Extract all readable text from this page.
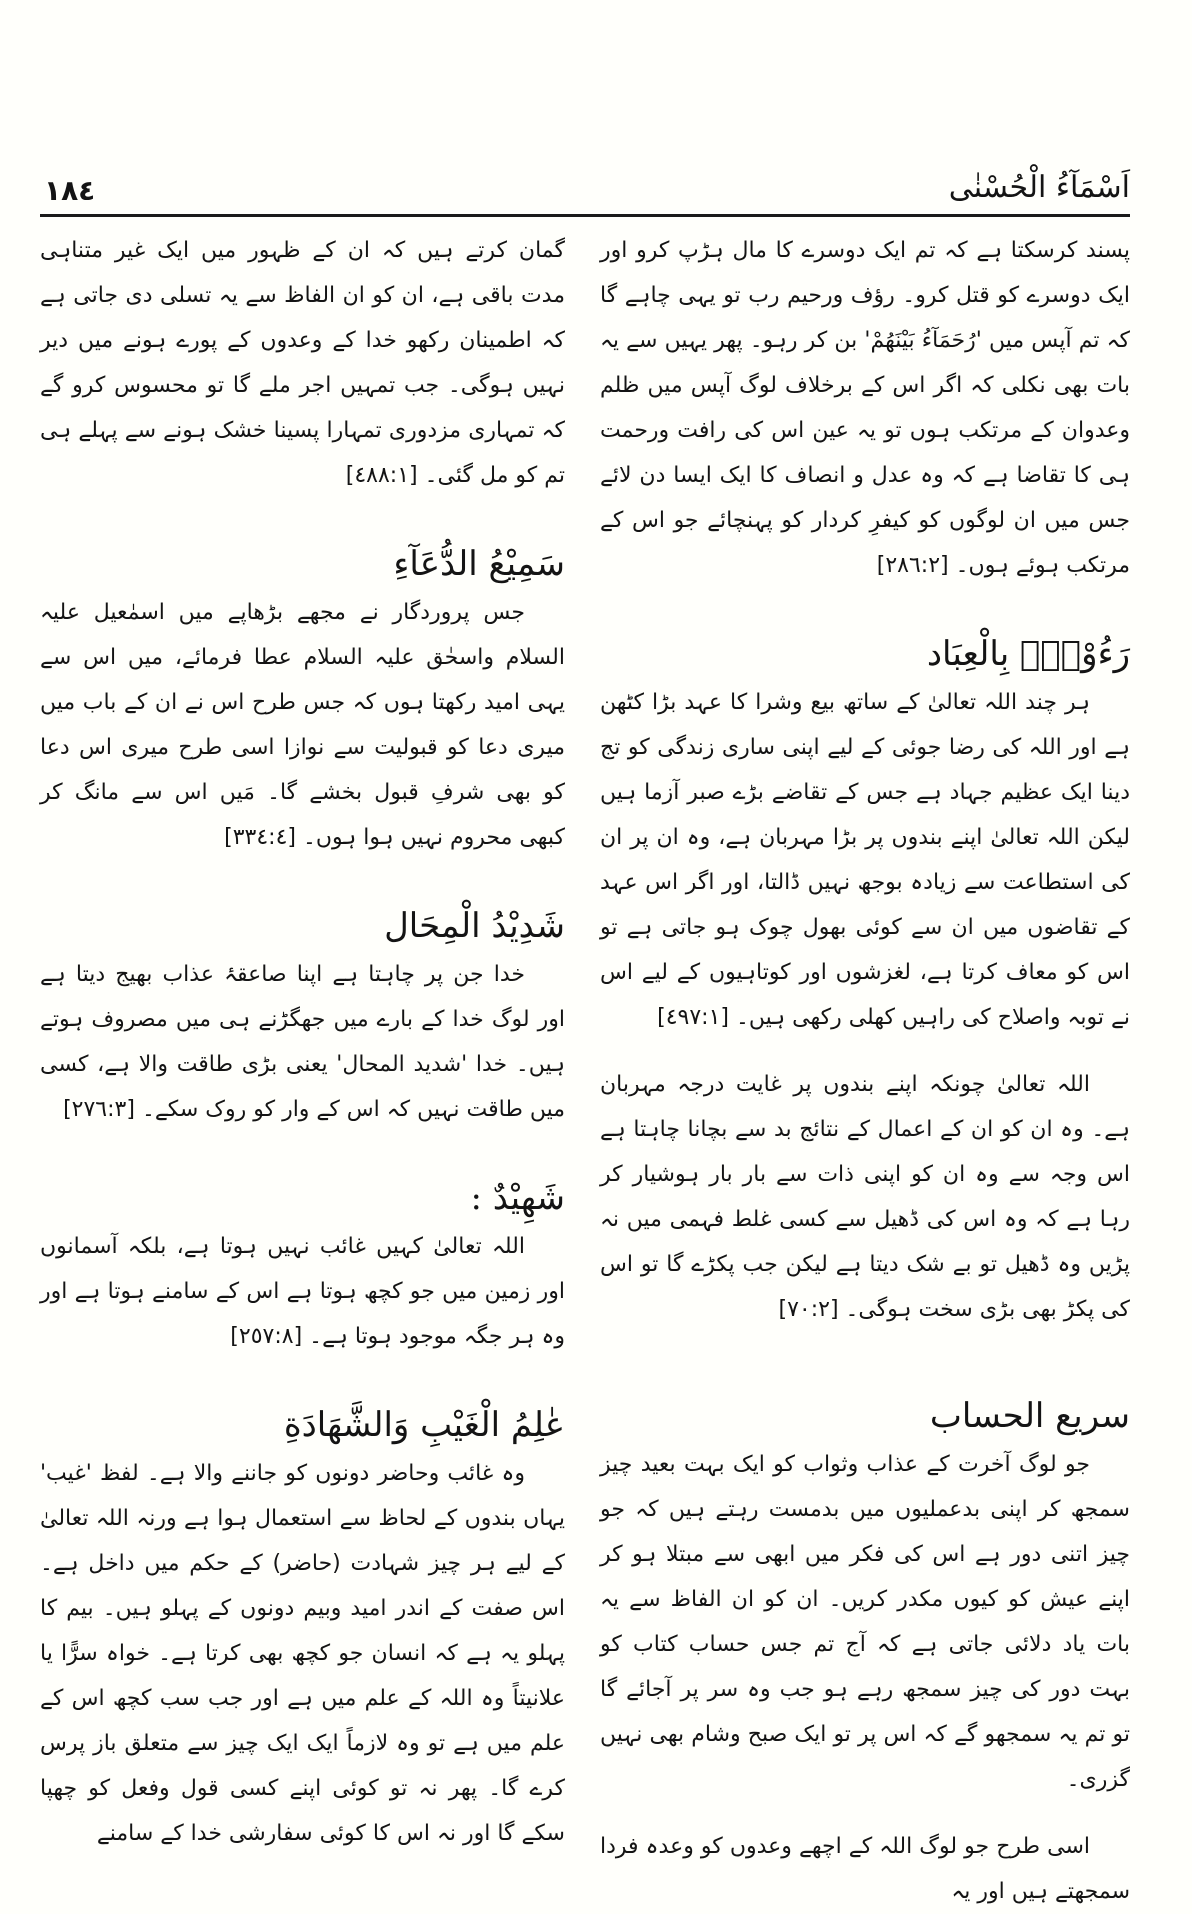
اَسْمَآءُ الْحُسْنٰی
١٨٤

پسند کرسکتا ہے کہ تم ایک دوسرے کا مال ہڑپ کرو اور ایک دوسرے کو قتل کرو۔ رؤف ورحیم رب تو یہی چاہے گا کہ تم آپس میں 'رُحَمَآءُ بَیْنَھُمْ' بن کر رہو۔ پھر یہیں سے یہ بات بھی نکلی کہ اگر اس کے برخلاف لوگ آپس میں ظلم وعدوان کے مرتکب ہوں تو یہ عین اس کی رافت ورحمت ہی کا تقاضا ہے کہ وہ عدل و انصاف کا ایک ایسا دن لائے جس میں ان لوگوں کو کیفرِ کردار کو پہنچائے جو اس کے مرتکب ہوئے ہوں۔ [٢٨٦:٢]

رَءُوْفٌۢ بِالْعِبَاد

ہر چند اللہ تعالیٰ کے ساتھ بیع وشرا کا عہد بڑا کٹھن ہے اور اللہ کی رضا جوئی کے لیے اپنی ساری زندگی کو تج دینا ایک عظیم جہاد ہے جس کے تقاضے بڑے صبر آزما ہیں لیکن اللہ تعالیٰ اپنے بندوں پر بڑا مہربان ہے، وہ ان پر ان کی استطاعت سے زیادہ بوجھ نہیں ڈالتا، اور اگر اس عہد کے تقاضوں میں ان سے کوئی بھول چوک ہو جاتی ہے تو اس کو معاف کرتا ہے، لغزشوں اور کوتاہیوں کے لیے اس نے توبہ واصلاح کی راہیں کھلی رکھی ہیں۔ [٤٩٧:١]

اللہ تعالیٰ چونکہ اپنے بندوں پر غایت درجہ مہربان ہے۔ وہ ان کو ان کے اعمال کے نتائج بد سے بچانا چاہتا ہے اس وجہ سے وہ ان کو اپنی ذات سے بار بار ہوشیار کر رہا ہے کہ وہ اس کی ڈھیل سے کسی غلط فہمی میں نہ پڑیں وہ ڈھیل تو بے شک دیتا ہے لیکن جب پکڑے گا تو اس کی پکڑ بھی بڑی سخت ہوگی۔ [٧٠:٢]

سریع الحساب

جو لوگ آخرت کے عذاب وثواب کو ایک بہت بعید چیز سمجھ کر اپنی بدعملیوں میں بدمست رہتے ہیں کہ جو چیز اتنی دور ہے اس کی فکر میں ابھی سے مبتلا ہو کر اپنے عیش کو کیوں مکدر کریں۔ ان کو ان الفاظ سے یہ بات یاد دلائی جاتی ہے کہ آج تم جس حساب کتاب کو بہت دور کی چیز سمجھ رہے ہو جب وہ سر پر آجائے گا تو تم یہ سمجھو گے کہ اس پر تو ایک صبح وشام بھی نہیں گزری۔

اسی طرح جو لوگ اللہ کے اچھے وعدوں کو وعدہ فردا سمجھتے ہیں اور یہ

گمان کرتے ہیں کہ ان کے ظہور میں ایک غیر متناہی مدت باقی ہے، ان کو ان الفاظ سے یہ تسلی دی جاتی ہے کہ اطمینان رکھو خدا کے وعدوں کے پورے ہونے میں دیر نہیں ہوگی۔ جب تمہیں اجر ملے گا تو محسوس کرو گے کہ تمہاری مزدوری تمہارا پسینا خشک ہونے سے پہلے ہی تم کو مل گئی۔ [٤٨٨:١]

سَمِيْعُ الدُّعَآءِ

جس پروردگار نے مجھے بڑھاپے میں اسمٰعیل علیہ السلام واسحٰق علیہ السلام عطا فرمائے، میں اس سے یہی امید رکھتا ہوں کہ جس طرح اس نے ان کے باب میں میری دعا کو قبولیت سے نوازا اسی طرح میری اس دعا کو بھی شرفِ قبول بخشے گا۔ مَیں اس سے مانگ کر کبھی محروم نہیں ہوا ہوں۔ [٣٣٤:٤]

شَدِيْدُ الْمِحَال

خدا جن پر چاہتا ہے اپنا صاعقۂ عذاب بھیج دیتا ہے اور لوگ خدا کے بارے میں جھگڑنے ہی میں مصروف ہوتے ہیں۔ خدا 'شدید المحال' یعنی بڑی طاقت والا ہے، کسی میں طاقت نہیں کہ اس کے وار کو روک سکے۔ [٢٧٦:٣]

شَهِيْدٌ :

اللہ تعالیٰ کہیں غائب نہیں ہوتا ہے، بلکہ آسمانوں اور زمین میں جو کچھ ہوتا ہے اس کے سامنے ہوتا ہے اور وہ ہر جگہ موجود ہوتا ہے۔ [٢٥٧:٨]

عٰلِمُ الْغَيْبِ وَالشَّهَادَةِ

وہ غائب وحاضر دونوں کو جاننے والا ہے۔ لفظ 'غیب' یہاں بندوں کے لحاظ سے استعمال ہوا ہے ورنہ اللہ تعالیٰ کے لیے ہر چیز شہادت (حاضر) کے حکم میں داخل ہے۔ اس صفت کے اندر امید وبیم دونوں کے پہلو ہیں۔ بیم کا پہلو یہ ہے کہ انسان جو کچھ بھی کرتا ہے۔ خواہ سرًّا یا علانیتاً وہ اللہ کے علم میں ہے اور جب سب کچھ اس کے علم میں ہے تو وہ لازماً ایک ایک چیز سے متعلق باز پرس کرے گا۔ پھر نہ تو کوئی اپنے کسی قول وفعل کو چھپا سکے گا اور نہ اس کا کوئی سفارشی خدا کے سامنے
